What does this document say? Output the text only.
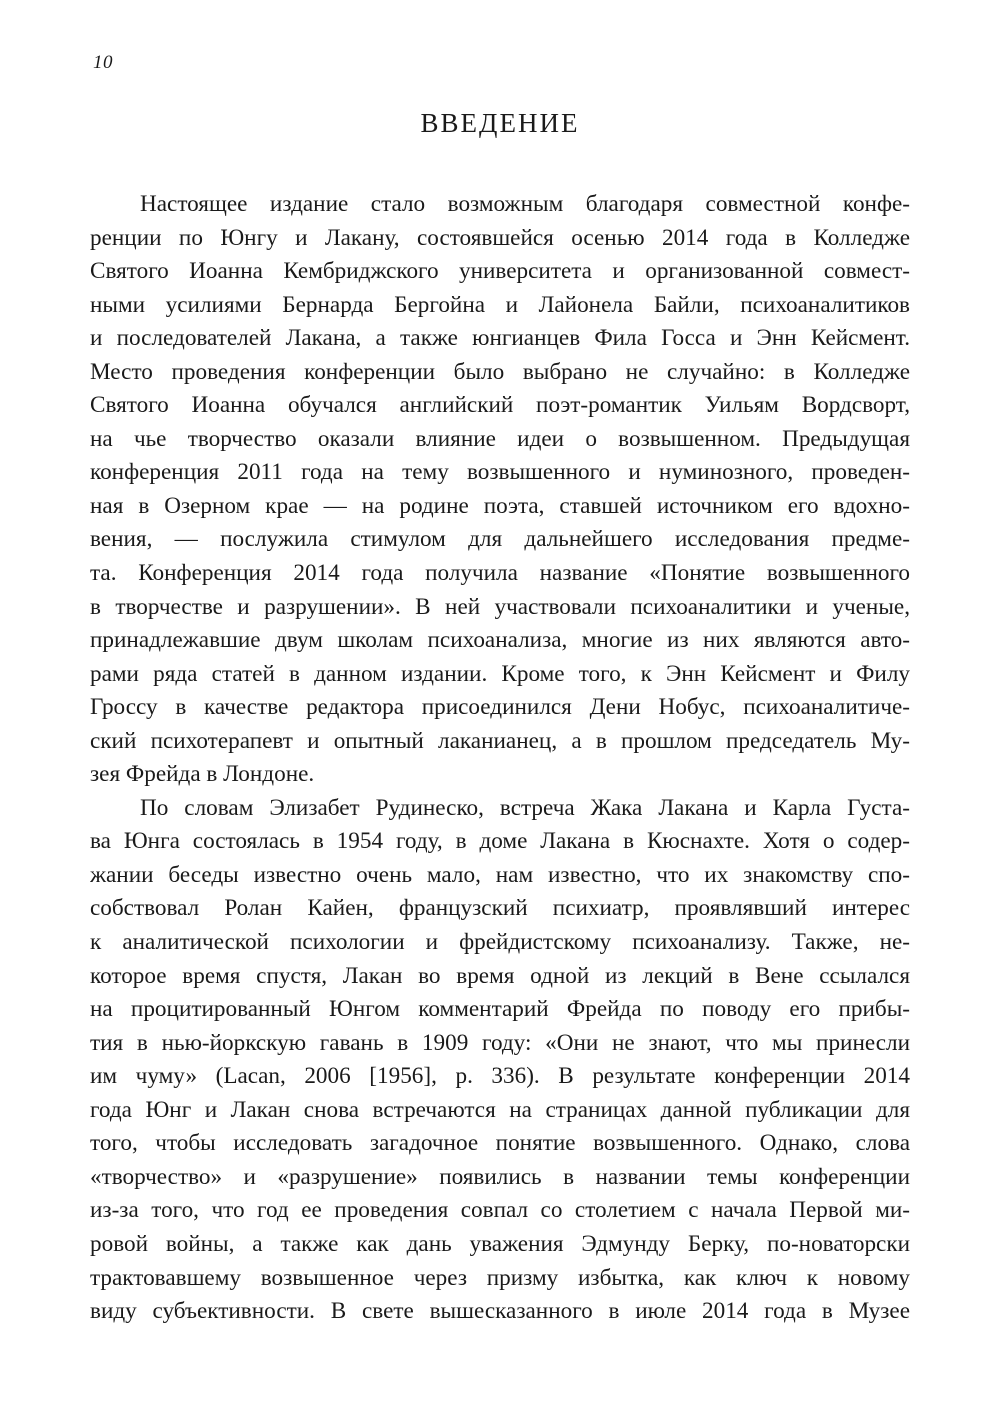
10
ВВЕДЕНИЕ
Настоящее издание стало возможным благодаря совместной конфе-
ренции по Юнгу и Лакану, состоявшейся осенью 2014 года в Колледже
Святого Иоанна Кембриджского университета и организованной совмест-
ными усилиями Бернарда Бергойна и Лайонела Байли, психоаналитиков
и последователей Лакана, а также юнгианцев Фила Госса и Энн Кейсмент.
Место проведения конференции было выбрано не случайно: в Колледже
Святого Иоанна обучался английский поэт-романтик Уильям Вордсворт,
на чье творчество оказали влияние идеи о возвышенном. Предыдущая
конференция 2011 года на тему возвышенного и нуминозного, проведен-
ная в Озерном крае — на родине поэта, ставшей источником его вдохно-
вения, — послужила стимулом для дальнейшего исследования предме-
та. Конференция 2014 года получила название «Понятие возвышенного
в творчестве и разрушении». В ней участвовали психоаналитики и ученые,
принадлежавшие двум школам психоанализа, многие из них являются авто-
рами ряда статей в данном издании. Кроме того, к Энн Кейсмент и Филу
Гроссу в качестве редактора присоединился Дени Нобус, психоаналитиче-
ский психотерапевт и опытный лаканианец, а в прошлом председатель Му-
зея Фрейда в Лондоне.
По словам Элизабет Рудинеско, встреча Жака Лакана и Карла Густа-
ва Юнга состоялась в 1954 году, в доме Лакана в Кюснахте. Хотя о содер-
жании беседы известно очень мало, нам известно, что их знакомству спо-
собствовал Ролан Кайен, французский психиатр, проявлявший интерес
к аналитической психологии и фрейдистскому психоанализу. Также, не-
которое время спустя, Лакан во время одной из лекций в Вене ссылался
на процитированный Юнгом комментарий Фрейда по поводу его прибы-
тия в нью-йоркскую гавань в 1909 году: «Они не знают, что мы принесли
им чуму» (Lacan, 2006 [1956], p. 336). В результате конференции 2014
года Юнг и Лакан снова встречаются на страницах данной публикации для
того, чтобы исследовать загадочное понятие возвышенного. Однако, слова
«творчество» и «разрушение» появились в названии темы конференции
из-за того, что год ее проведения совпал со столетием с начала Первой ми-
ровой войны, а также как дань уважения Эдмунду Берку, по-новаторски
трактовавшему возвышенное через призму избытка, как ключ к новому
виду субъективности. В свете вышесказанного в июле 2014 года в Музее
